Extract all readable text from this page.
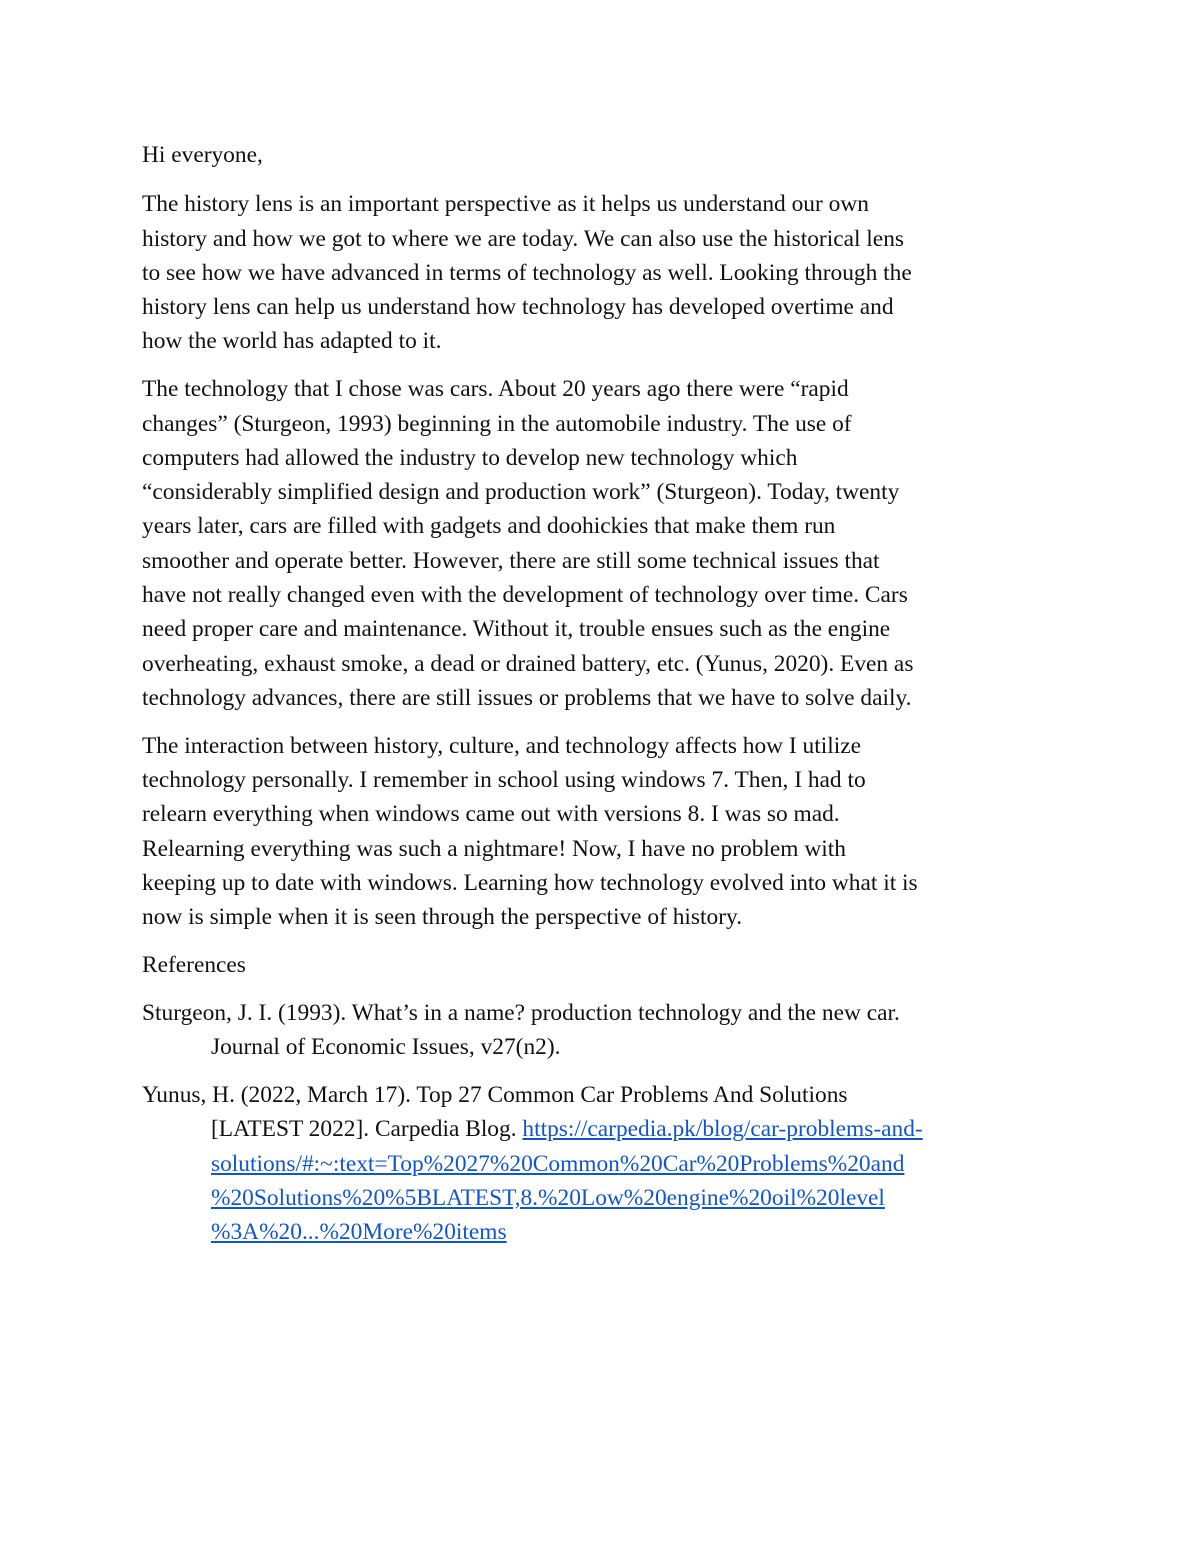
Hi everyone,

The history lens is an important perspective as it helps us understand our own
history and how we got to where we are today. We can also use the historical lens
to see how we have advanced in terms of technology as well. Looking through the
history lens can help us understand how technology has developed overtime and
how the world has adapted to it.

The technology that I chose was cars. About 20 years ago there were “rapid
changes” (Sturgeon, 1993) beginning in the automobile industry. The use of
computers had allowed the industry to develop new technology which
“considerably simplified design and production work” (Sturgeon). Today, twenty
years later, cars are filled with gadgets and doohickies that make them run
smoother and operate better. However, there are still some technical issues that
have not really changed even with the development of technology over time. Cars
need proper care and maintenance. Without it, trouble ensues such as the engine
overheating, exhaust smoke, a dead or drained battery, etc. (Yunus, 2020). Even as
technology advances, there are still issues or problems that we have to solve daily.

The interaction between history, culture, and technology affects how I utilize
technology personally. I remember in school using windows 7. Then, I had to
relearn everything when windows came out with versions 8. I was so mad.
Relearning everything was such a nightmare! Now, I have no problem with
keeping up to date with windows. Learning how technology evolved into what it is
now is simple when it is seen through the perspective of history.

References

Sturgeon, J. I. (1993). What’s in a name? production technology and the new car.
Journal of Economic Issues, v27(n2).

Yunus, H. (2022, March 17). Top 27 Common Car Problems And Solutions
[LATEST 2022]. Carpedia Blog. https://carpedia.pk/blog/car-problems-and-
solutions/#:~:text=Top%2027%20Common%20Car%20Problems%20and
%20Solutions%20%5BLATEST,8.%20Low%20engine%20oil%20level
%3A%20...%20More%20items
